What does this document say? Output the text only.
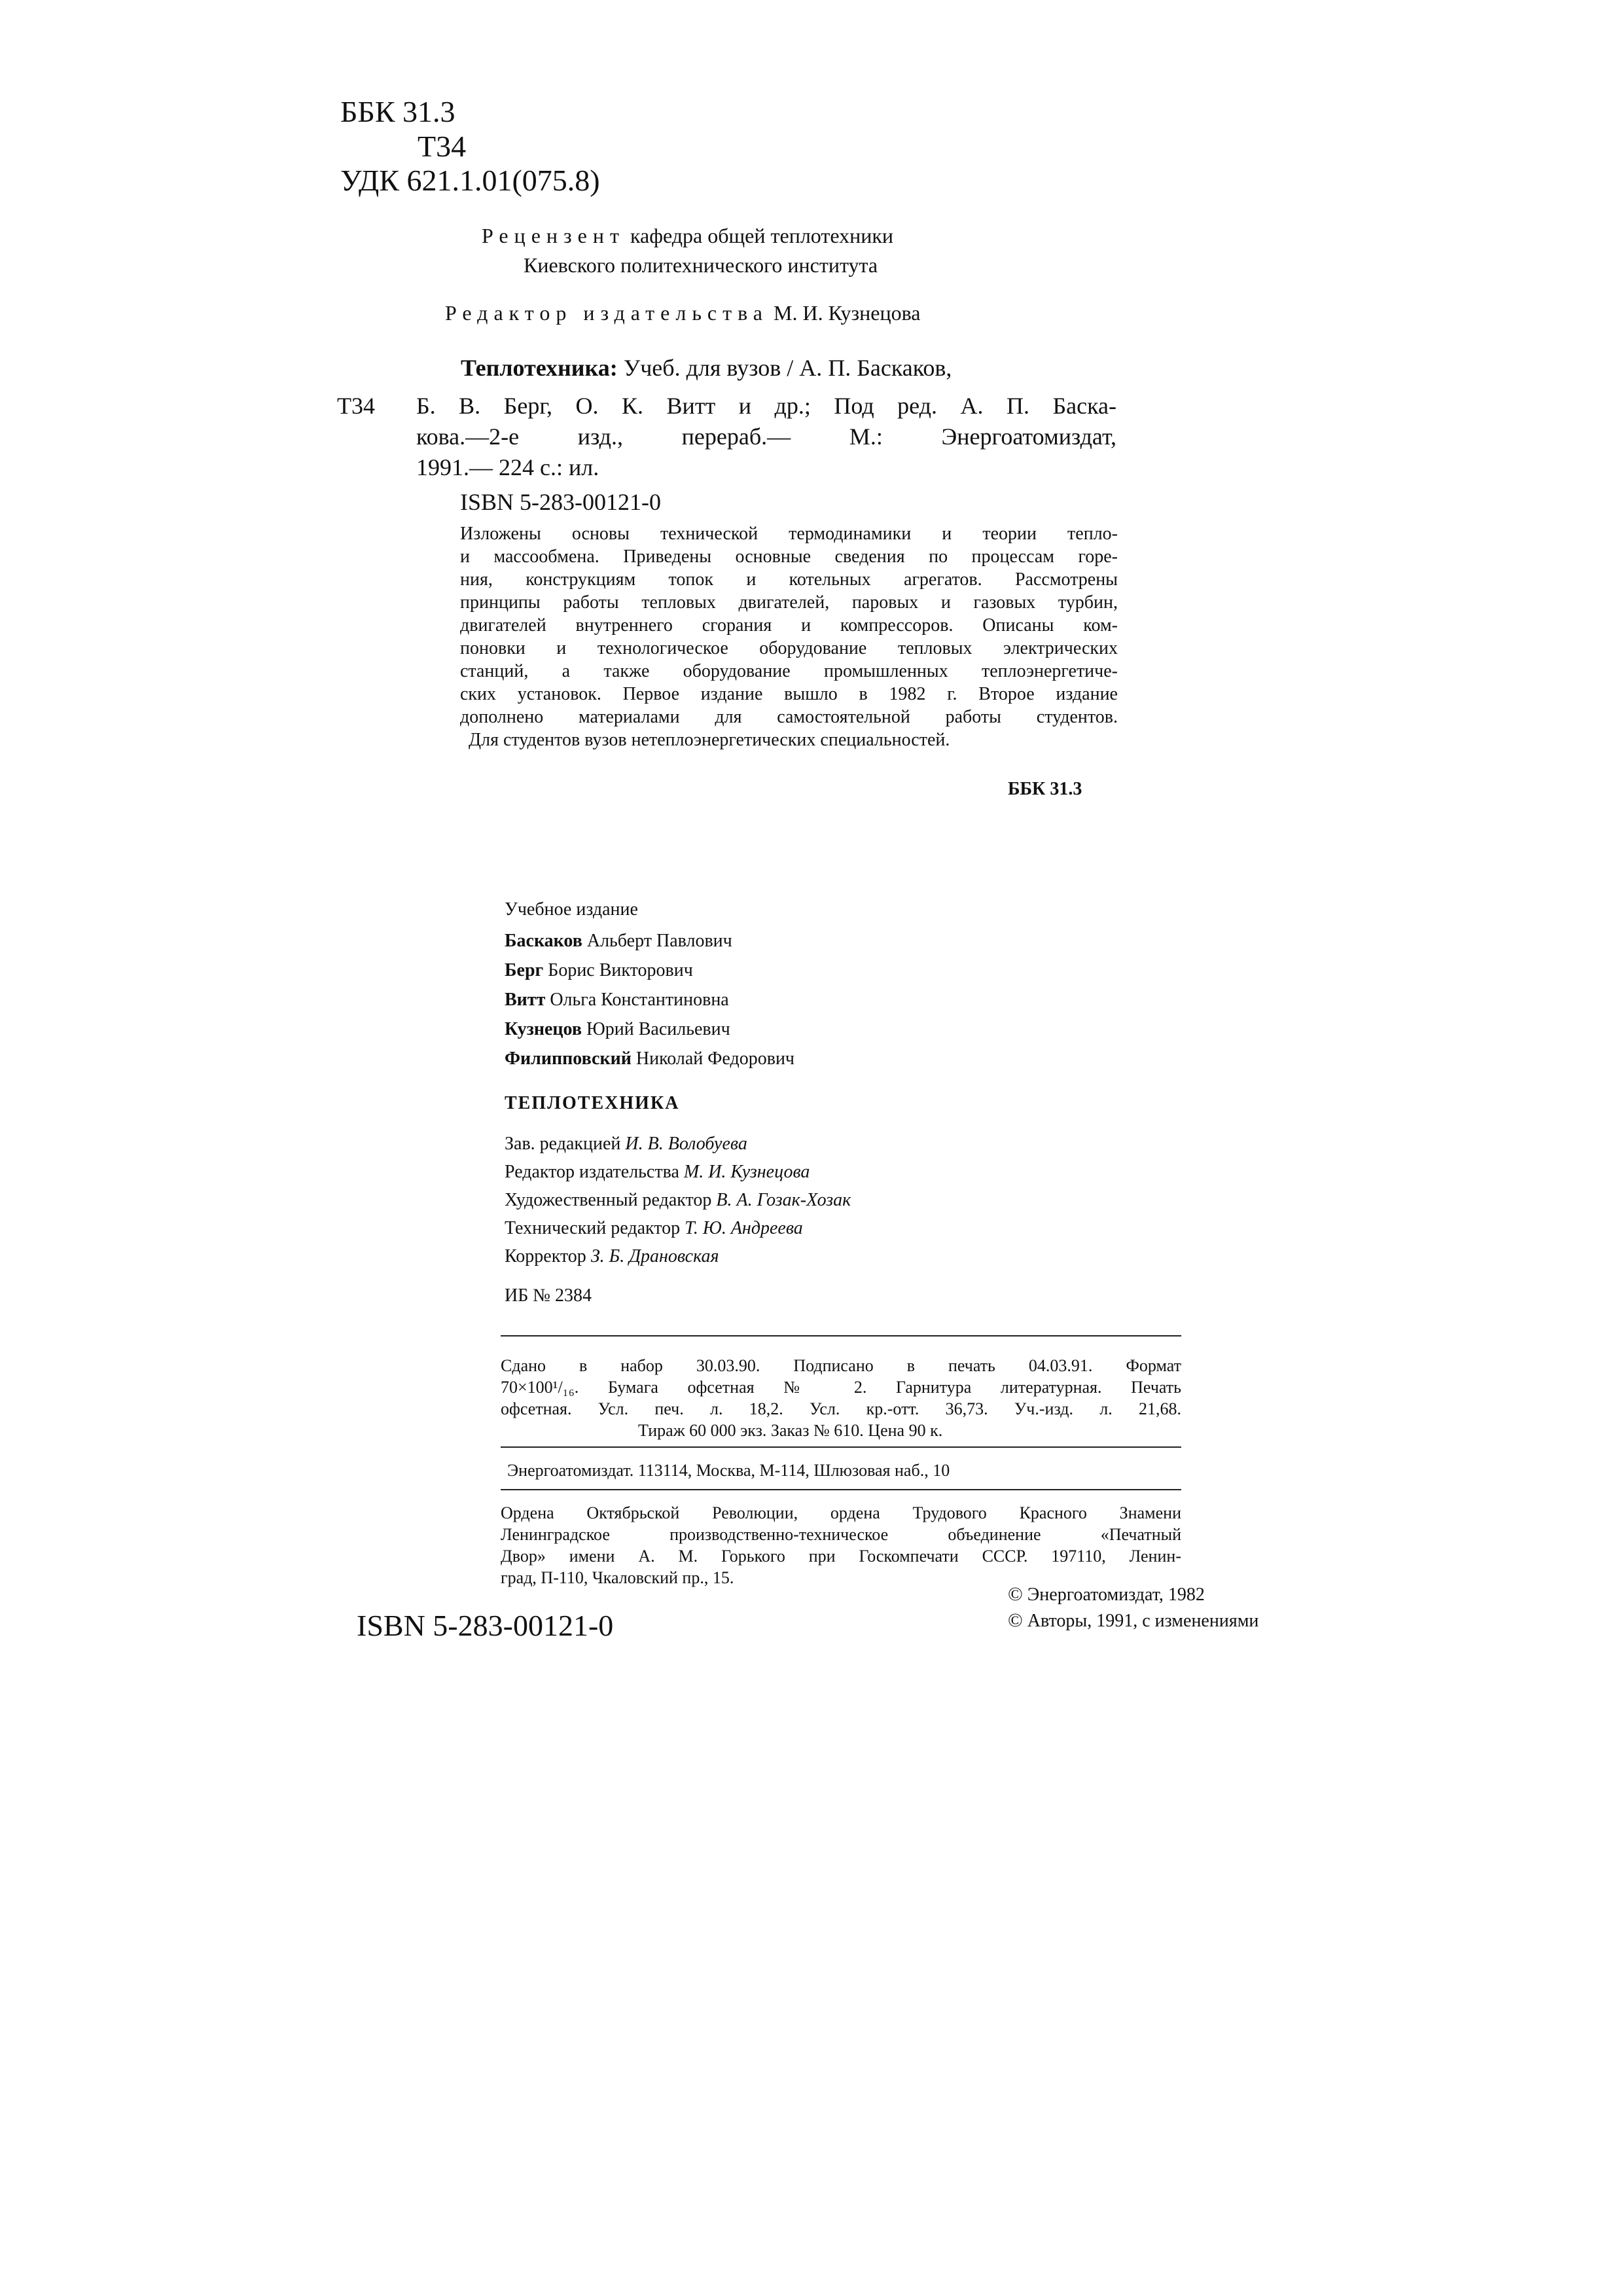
ББК 31.3
Т34
УДК 621.1.01(075.8)
Рецензент кафедра общей теплотехники
Киевского политехнического института
Редактор издательства М. И. Кузнецова
Т34
Теплотехника: Учеб. для вузов / А. П. Баскаков,
Б. В. Берг, О. К. Витт и др.; Под ред. А. П. Баска-
кова.—2-е изд., перераб.— М.: Энергоатомиздат,
1991.— 224 с.: ил.
ISBN 5-283-00121-0
Изложены основы технической термодинамики и теории тепло-
и массообмена. Приведены основные сведения по процессам горе-
ния, конструкциям топок и котельных агрегатов. Рассмотрены
принципы работы тепловых двигателей, паровых и газовых турбин,
двигателей внутреннего сгорания и компрессоров. Описаны ком-
поновки и технологическое оборудование тепловых электрических
станций, а также оборудование промышленных теплоэнергетиче-
ских установок. Первое издание вышло в 1982 г. Второе издание
дополнено материалами для самостоятельной работы студентов.
Для студентов вузов нетеплоэнергетических специальностей.
ББК 31.3
Учебное издание
Баскаков Альберт Павлович
Берг Борис Викторович
Витт Ольга Константиновна
Кузнецов Юрий Васильевич
Филипповский Николай Федорович
ТЕПЛОТЕХНИКА
Зав. редакцией И. В. Волобуева
Редактор издательства М. И. Кузнецова
Художественный редактор В. А. Гозак-Хозак
Технический редактор Т. Ю. Андреева
Корректор З. Б. Драновская
ИБ № 2384
Сдано в набор 30.03.90. Подписано в печать 04.03.91. Формат
70×100¹/₁₆. Бумага офсетная № 2. Гарнитура литературная. Печать
офсетная. Усл. печ. л. 18,2. Усл. кр.-отт. 36,73. Уч.-изд. л. 21,68.
Тираж 60 000 экз. Заказ № 610. Цена 90 к.
Энергоатомиздат. 113114, Москва, М-114, Шлюзовая наб., 10
Ордена Октябрьской Революции, ордена Трудового Красного Знамени
Ленинградское производственно-техническое объединение «Печатный
Двор» имени А. М. Горького при Госкомпечати СССР. 197110, Ленин-
град, П-110, Чкаловский пр., 15.
ISBN 5-283-00121-0
© Энергоатомиздат, 1982
© Авторы, 1991, с изменениями
